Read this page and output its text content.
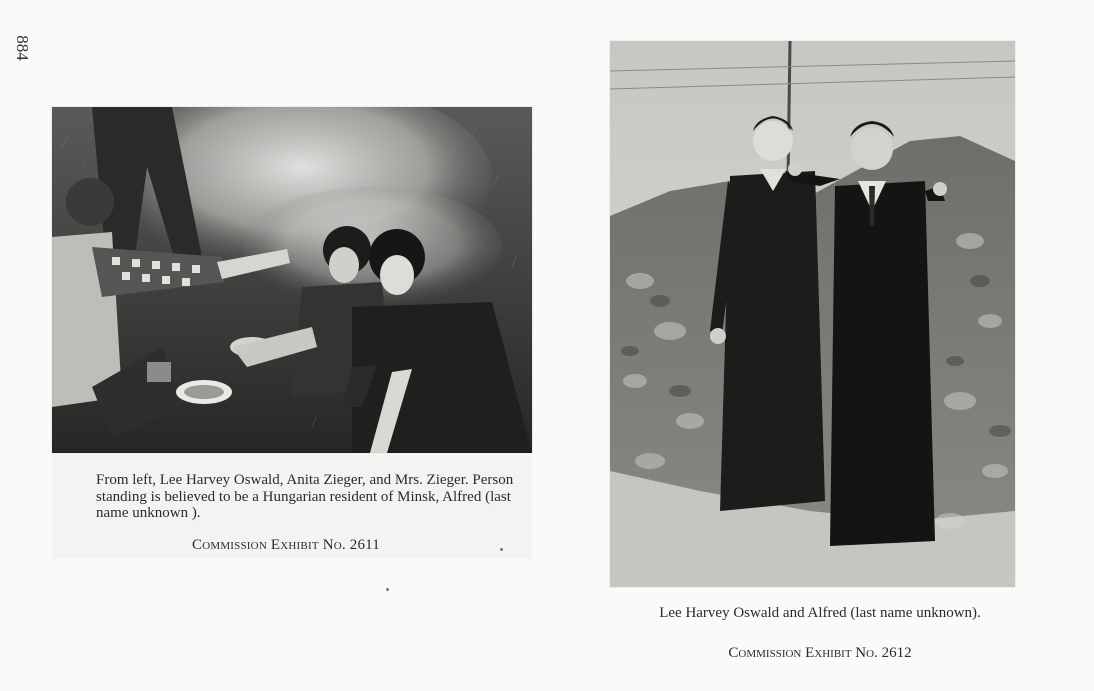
884
From left, Lee Harvey Oswald, Anita Zieger, and Mrs. Zieger. Person standing is believed to be a Hungarian resident of Minsk, Alfred (last name unknown ).
Commission Exhibit No. 2611
Lee Harvey Oswald and Alfred (last name unknown).
Commission Exhibit No. 2612
